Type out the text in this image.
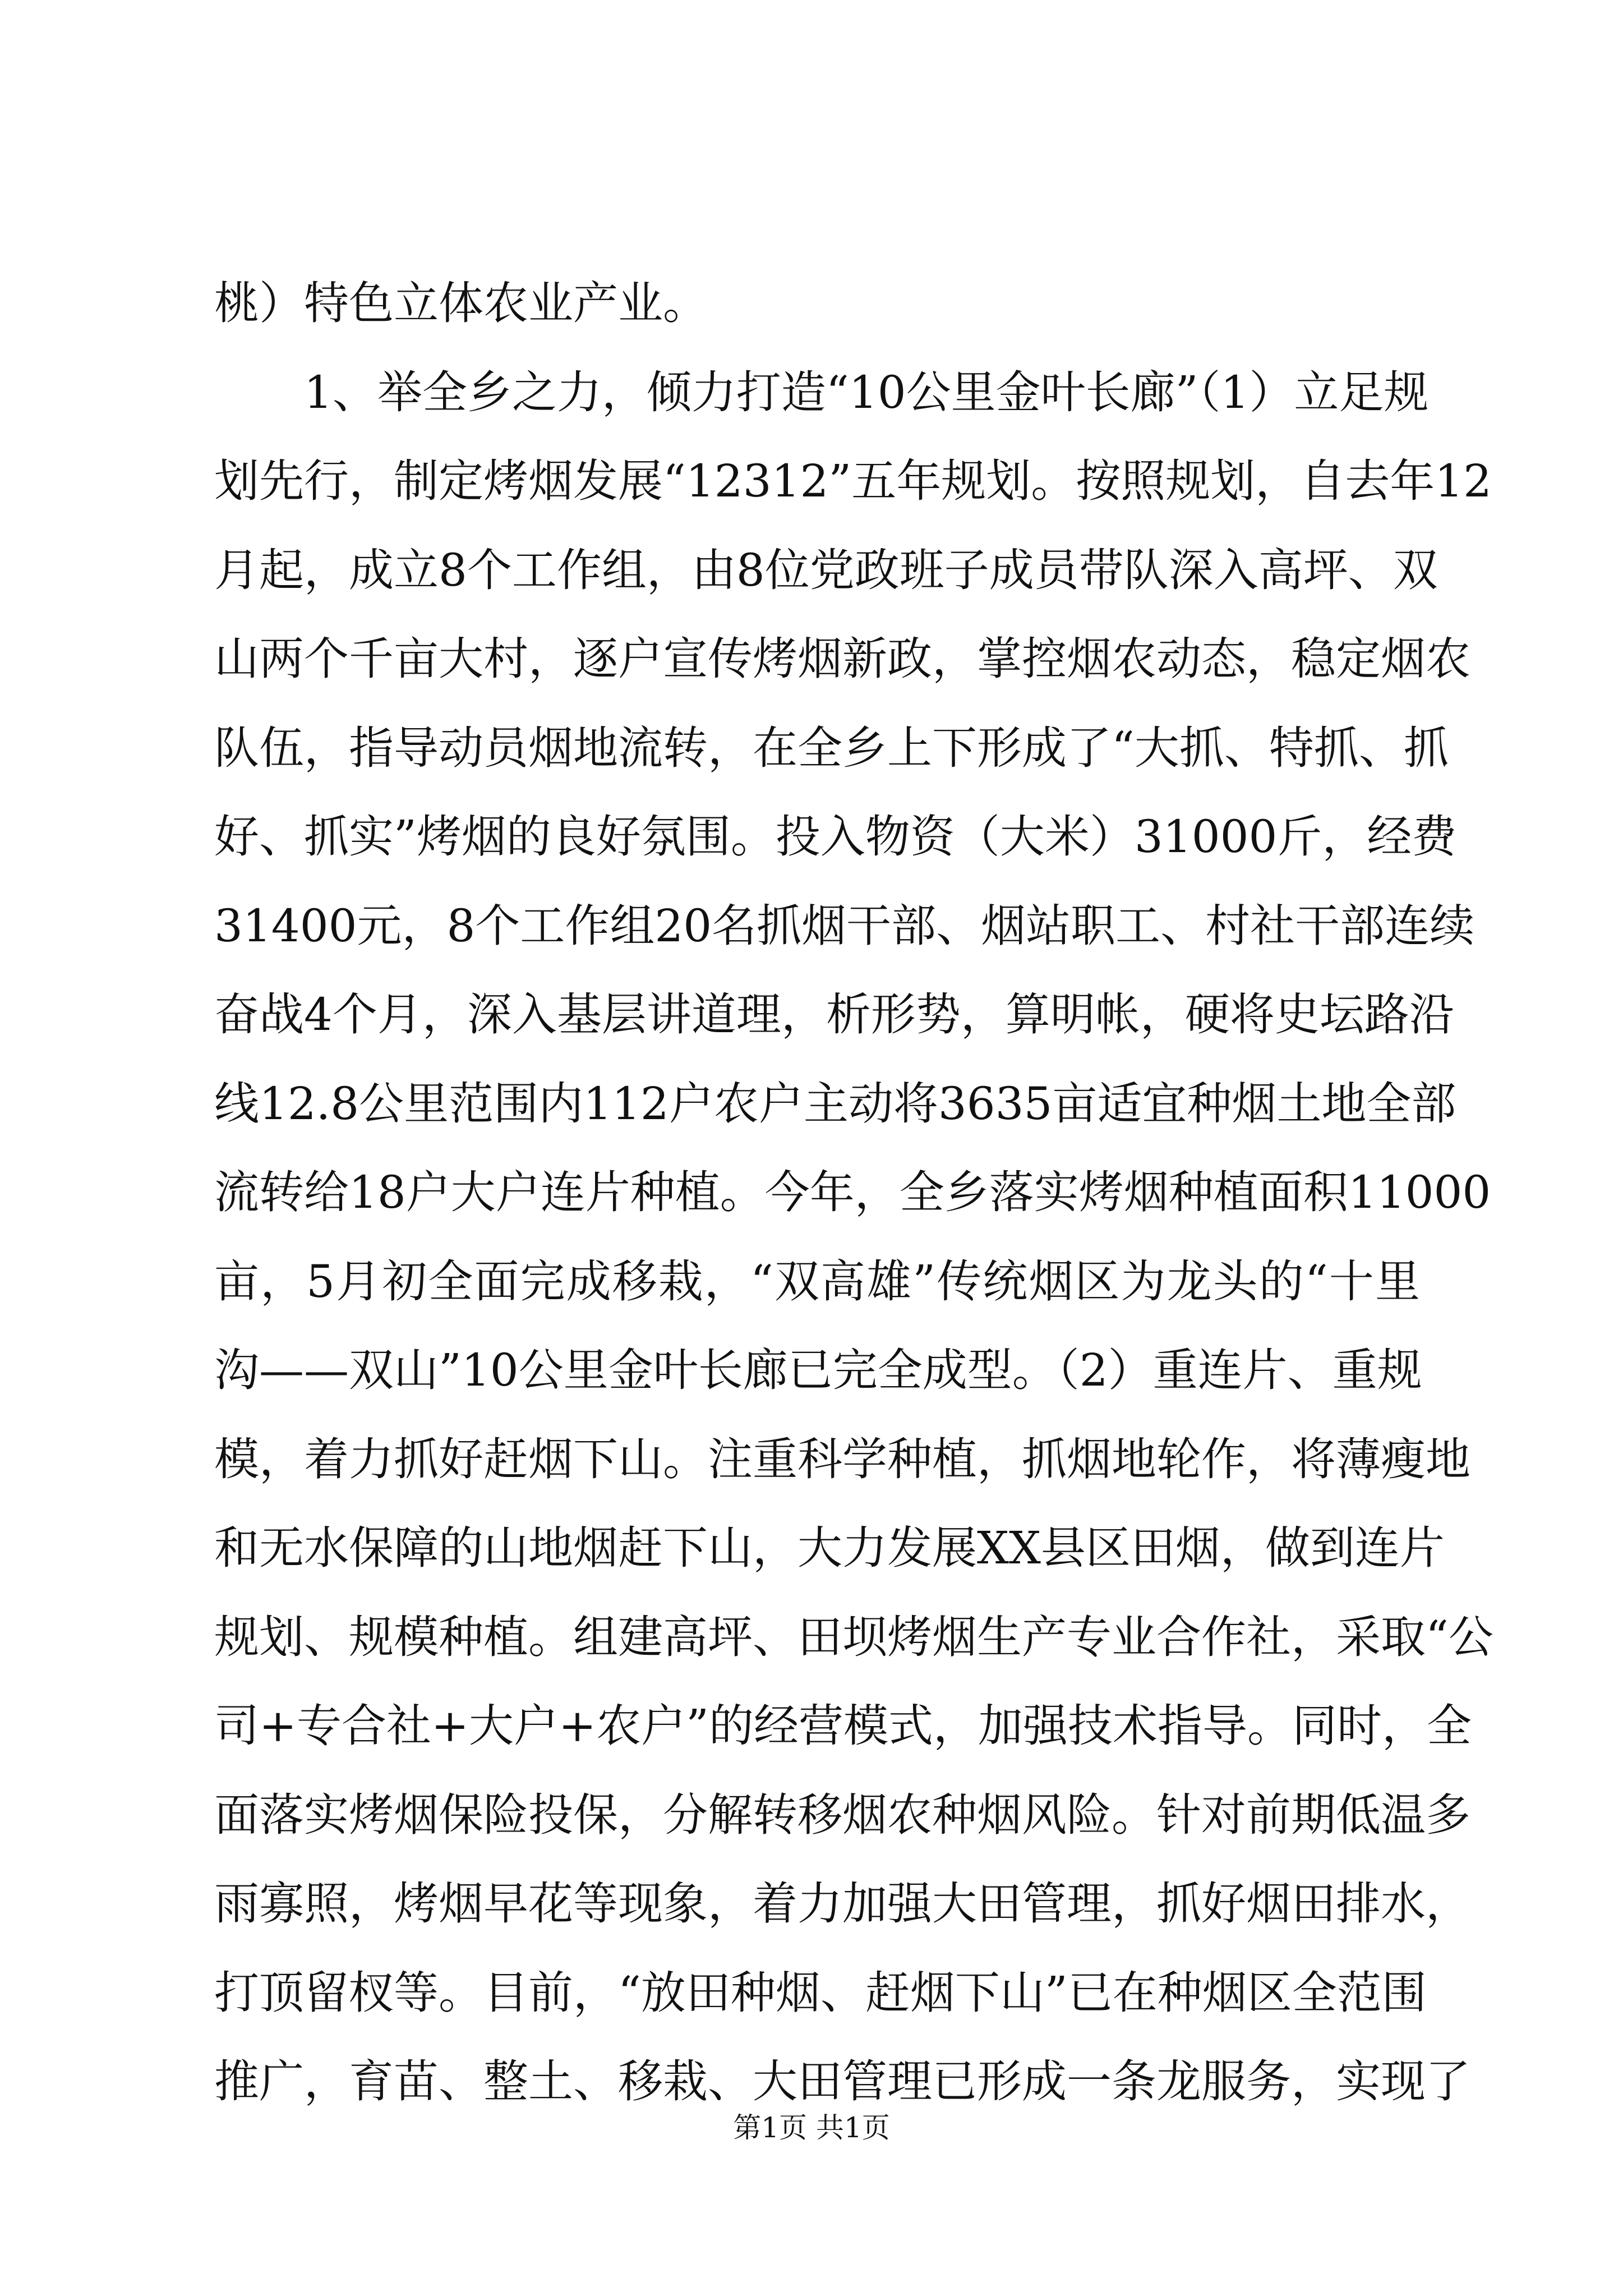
桃）特色立体农业产业。
1、举全乡之力，倾力打造“10公里金叶长廊”（1）立足规
划先行，制定烤烟发展“12312”五年规划。按照规划，自去年12
月起，成立8个工作组，由8位党政班子成员带队深入高坪、双
山两个千亩大村，逐户宣传烤烟新政，掌控烟农动态，稳定烟农
队伍，指导动员烟地流转，在全乡上下形成了“大抓、特抓、抓
好、抓实”烤烟的良好氛围。投入物资（大米）31000斤，经费
31400元，8个工作组20名抓烟干部、烟站职工、村社干部连续
奋战4个月，深入基层讲道理，析形势，算明帐，硬将史坛路沿
线12.8公里范围内112户农户主动将3635亩适宜种烟土地全部
流转给18户大户连片种植。今年，全乡落实烤烟种植面积11000
亩，5月初全面完成移栽，“双高雄”传统烟区为龙头的“十里
沟——双山”10公里金叶长廊已完全成型。（2）重连片、重规
模，着力抓好赶烟下山。注重科学种植，抓烟地轮作，将薄瘦地
和无水保障的山地烟赶下山，大力发展XX县区田烟，做到连片
规划、规模种植。组建高坪、田坝烤烟生产专业合作社，采取“公
司+专合社+大户+农户”的经营模式，加强技术指导。同时，全
面落实烤烟保险投保，分解转移烟农种烟风险。针对前期低温多
雨寡照，烤烟早花等现象，着力加强大田管理，抓好烟田排水，
打顶留杈等。目前，“放田种烟、赶烟下山”已在种烟区全范围
推广，育苗、整土、移栽、大田管理已形成一条龙服务，实现了
第1页 共1页
